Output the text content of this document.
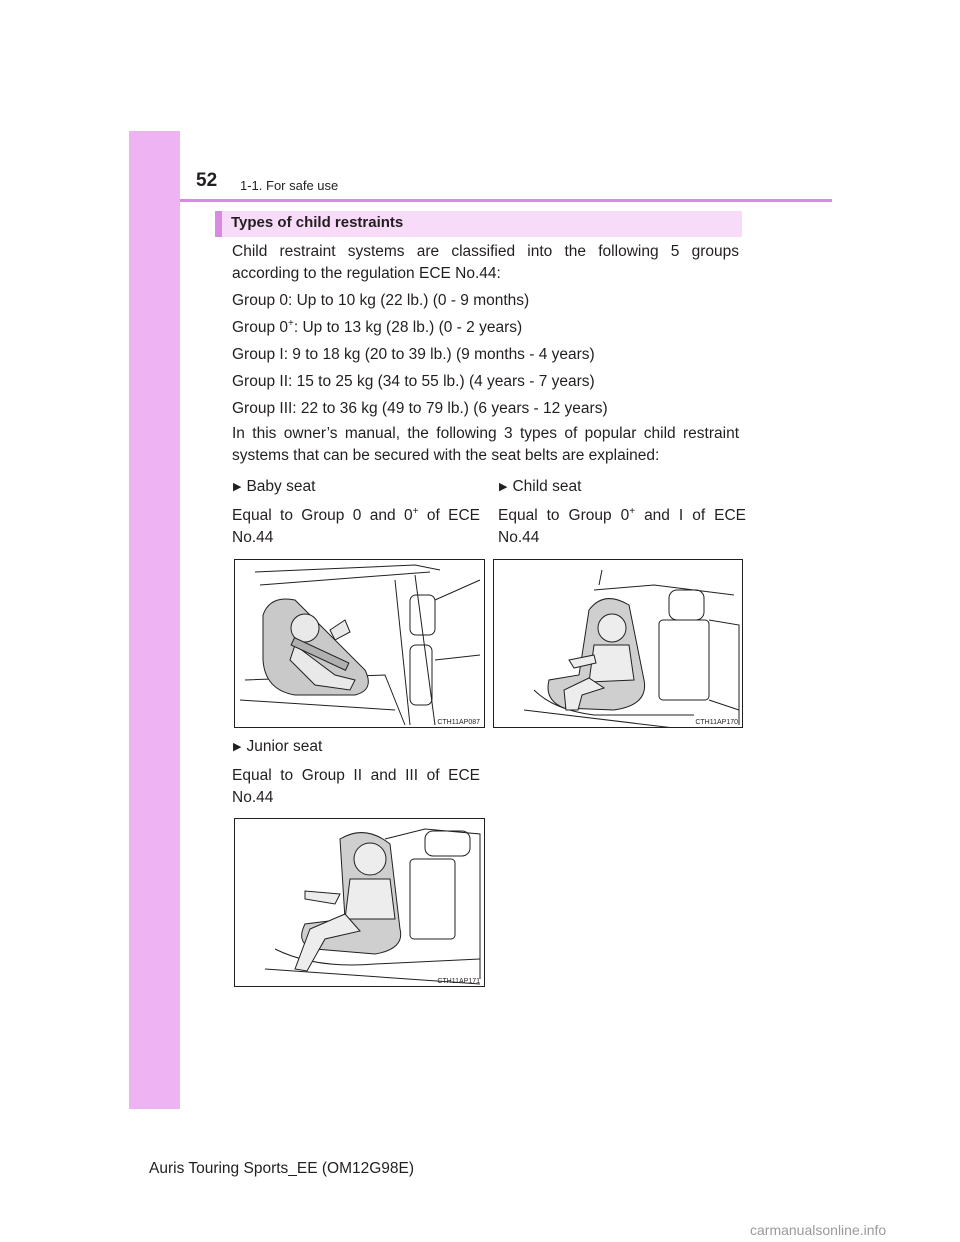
52 1-1. For safe use
Types of child restraints

Child restraint systems are classified into the following 5 groups according to the regulation ECE No.44:

Group 0: Up to 10 kg (22 lb.) (0 - 9 months)

Group 0+: Up to 13 kg (28 lb.) (0 - 2 years)

Group I: 9 to 18 kg (20 to 39 lb.) (9 months - 4 years)

Group II: 15 to 25 kg (34 to 55 lb.) (4 years - 7 years)

Group III: 22 to 36 kg (49 to 79 lb.) (6 years - 12 years)

In this owner’s manual, the following 3 types of popular child restraint systems that can be secured with the seat belts are explained:

▶ Baby seat

Equal to Group 0 and 0+ of ECE No.44

▶ Child seat

Equal to Group 0+ and I of ECE No.44

CTH11AP087	CTH11AP170
▶ Junior seat

Equal to Group II and III of ECE No.44

CTH11AP171
Auris Touring Sports_EE (OM12G98E)
carmanualsonline.info
